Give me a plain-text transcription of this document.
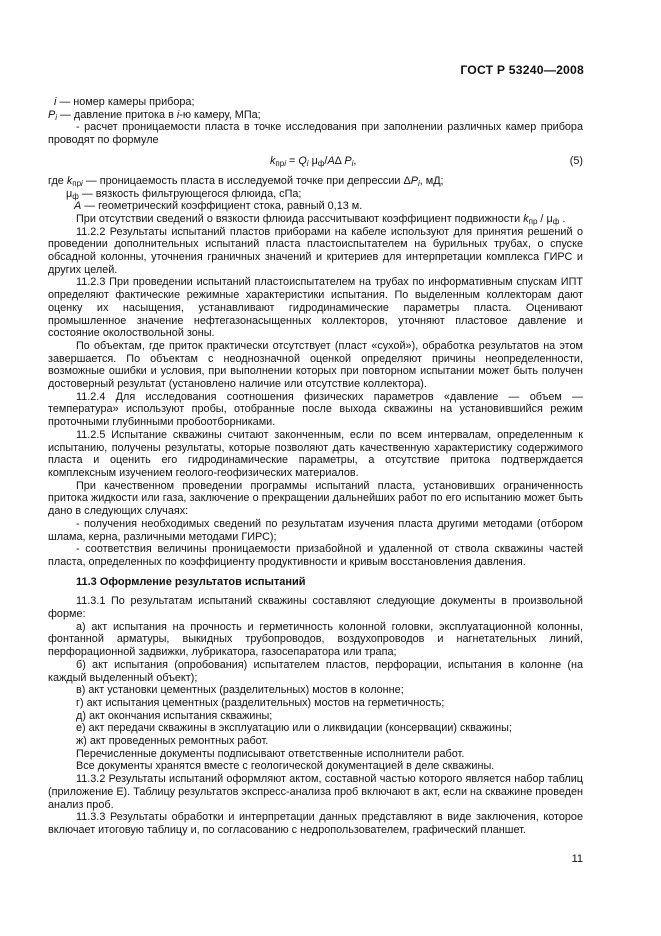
ГОСТ Р 53240—2008

i — номер камеры прибора;

$P_i$ — давление притока в i-ю камеру, МПа;

- расчет проницаемости пласта в точке исследования при заполнении различных камер прибора проводят по формуле

$k_{прi} = Q_i$ $\mu_ф/A\Delta$ $P_i$,	(5)

где $k_{прi}$ — проницаемость пласта в исследуемой точке при депрессии $\Delta P_i$, мД;

$\mu_ф$ — вязкость фильтрующегося флюида, сПа;

A — геометрический коэффициент стока, равный 0,13 м.

При отсутствии сведений о вязкости флюида рассчитывают коэффициент подвижности $k_{пр} / \mu_ф$ .

11.2.2 Результаты испытаний пластов приборами на кабеле используют для принятия решений о проведении дополнительных испытаний пласта пластоиспытателем на бурильных трубах, о спуске обсадной колонны, уточнения граничных значений и критериев для интерпретации комплекса ГИРС и других целей.

11.2.3 При проведении испытаний пластоиспытателем на трубах по информативным спускам ИПТ определяют фактические режимные характеристики испытания. По выделенным коллекторам дают оценку их насыщения, устанавливают гидродинамические параметры пласта. Оценивают промышленное значение нефтегазонасыщенных коллекторов, уточняют пластовое давление и состояние околоствольной зоны.

По объектам, где приток практически отсутствует (пласт «сухой»), обработка результатов на этом завершается. По объектам с неоднозначной оценкой определяют причины неопределенности, возможные ошибки и условия, при выполнении которых при повторном испытании может быть получен достоверный результат (установлено наличие или отсутствие коллектора).

11.2.4 Для исследования соотношения физических параметров «давление — объем — температура» используют пробы, отобранные после выхода скважины на установившийся режим проточными глубинными пробоотборниками.

11.2.5 Испытание скважины считают законченным, если по всем интервалам, определенным к испытанию, получены результаты, которые позволяют дать качественную характеристику содержимого пласта и оценить его гидродинамические параметры, а отсутствие притока подтверждается комплексным изучением геолого-геофизических материалов.

При качественном проведении программы испытаний пласта, установивших ограниченность притока жидкости или газа, заключение о прекращении дальнейших работ по его испытанию может быть дано в следующих случаях:

- получения необходимых сведений по результатам изучения пласта другими методами (отбором шлама, керна, различными методами ГИРС);

- соответствия величины проницаемости призабойной и удаленной от ствола скважины частей пласта, определенных по коэффициенту продуктивности и кривым восстановления давления.

11.3 Оформление результатов испытаний

11.3.1 По результатам испытаний скважины составляют следующие документы в произвольной форме:

а) акт испытания на прочность и герметичность колонной головки, эксплуатационной колонны, фонтанной арматуры, выкидных трубопроводов, воздухопроводов и нагнетательных линий, перфорационной задвижки, лубрикатора, газосепаратора или трапа;

б) акт испытания (опробования) испытателем пластов, перфорации, испытания в колонне (на каждый выделенный объект);

в) акт установки цементных (разделительных) мостов в колонне;

г) акт испытания цементных (разделительных) мостов на герметичность;

д) акт окончания испытания скважины;

е) акт передачи скважины в эксплуатацию или о ликвидации (консервации) скважины;

ж) акт проведенных ремонтных работ.

Перечисленные документы подписывают ответственные исполнители работ.

Все документы хранятся вместе с геологической документацией в деле скважины.

11.3.2 Результаты испытаний оформляют актом, составной частью которого является набор таблиц (приложение Е). Таблицу результатов экспресс-анализа проб включают в акт, если на скважине проведен анализ проб.

11.3.3 Результаты обработки и интерпретации данных представляют в виде заключения, которое включает итоговую таблицу и, по согласованию с недропользователем, графический планшет.

11
